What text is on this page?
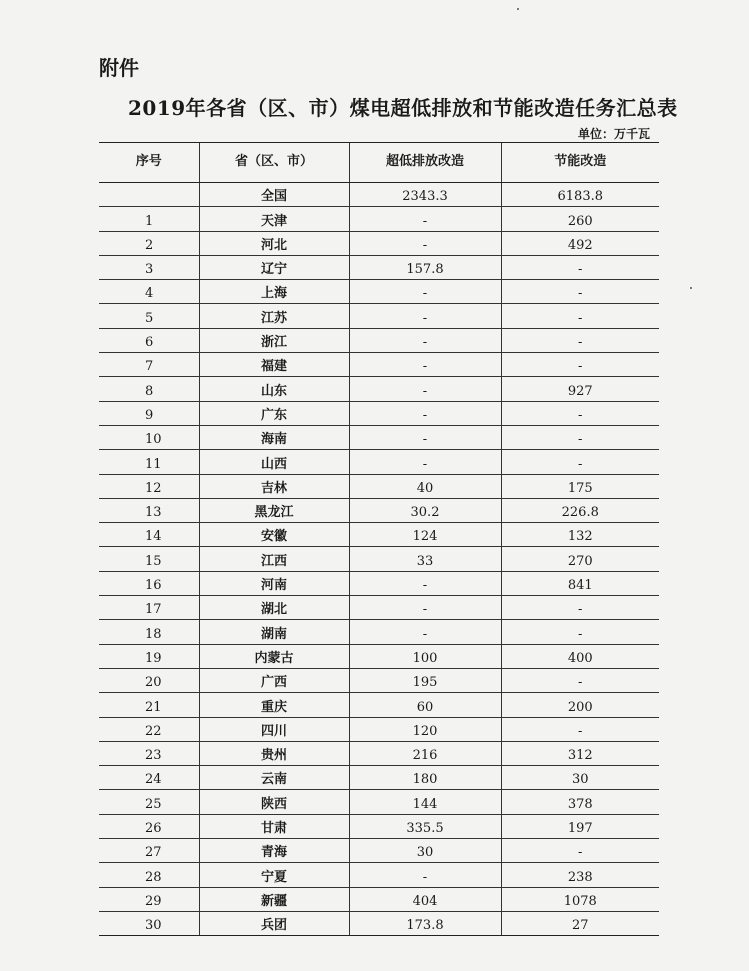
附件
2019年各省（区、市）煤电超低排放和节能改造任务汇总表
单位：万千瓦
序号	省（区、市）	超低排放改造	节能改造
	全国	2343.3	6183.8
1	天津	-	260
2	河北	-	492
3	辽宁	157.8	-
4	上海	-	-
5	江苏	-	-
6	浙江	-	-
7	福建	-	-
8	山东	-	927
9	广东	-	-
10	海南	-	-
11	山西	-	-
12	吉林	40	175
13	黑龙江	30.2	226.8
14	安徽	124	132
15	江西	33	270
16	河南	-	841
17	湖北	-	-
18	湖南	-	-
19	内蒙古	100	400
20	广西	195	-
21	重庆	60	200
22	四川	120	-
23	贵州	216	312
24	云南	180	30
25	陕西	144	378
26	甘肃	335.5	197
27	青海	30	-
28	宁夏	-	238
29	新疆	404	1078
30	兵团	173.8	27
